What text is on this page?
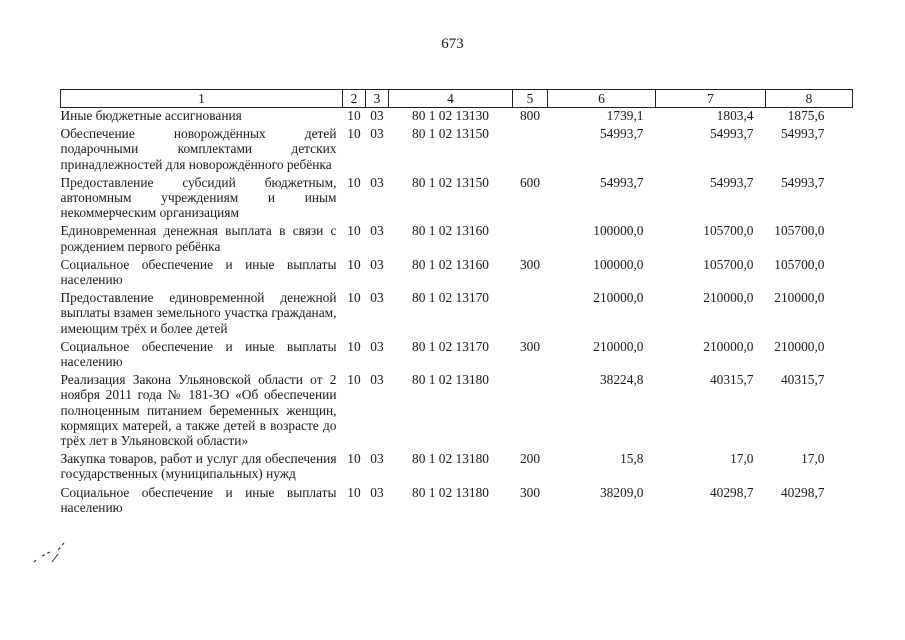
673
1	2	3	4	5	6	7	8
Иные бюджетные ассигнования	10	03	80 1 02 13130	800	1739,1	1803,4	1875,6
Обеспечение новорождённых детей подарочными комплектами детских принадлежностей для новорождённого ребёнка	10	03	80 1 02 13150		54993,7	54993,7	54993,7
Предоставление субсидий бюджетным, автономным учреждениям и иным некоммерческим организациям	10	03	80 1 02 13150	600	54993,7	54993,7	54993,7
Единовременная денежная выплата в связи с рождением первого ребёнка	10	03	80 1 02 13160		100000,0	105700,0	105700,0
Социальное обеспечение и иные выплаты населению	10	03	80 1 02 13160	300	100000,0	105700,0	105700,0
Предоставление единовременной денежной выплаты взамен земельного участка гражданам, имеющим трёх и более детей	10	03	80 1 02 13170		210000,0	210000,0	210000,0
Социальное обеспечение и иные выплаты населению	10	03	80 1 02 13170	300	210000,0	210000,0	210000,0
Реализация Закона Ульяновской области от 2 ноября 2011 года № 181-ЗО «Об обеспечении полноценным питанием беременных женщин, кормящих матерей, а также детей в возрасте до трёх лет в Ульяновской области»	10	03	80 1 02 13180		38224,8	40315,7	40315,7
Закупка товаров, работ и услуг для обеспечения государственных (муниципальных) нужд	10	03	80 1 02 13180	200	15,8	17,0	17,0
Социальное обеспечение и иные выплаты населению	10	03	80 1 02 13180	300	38209,0	40298,7	40298,7
